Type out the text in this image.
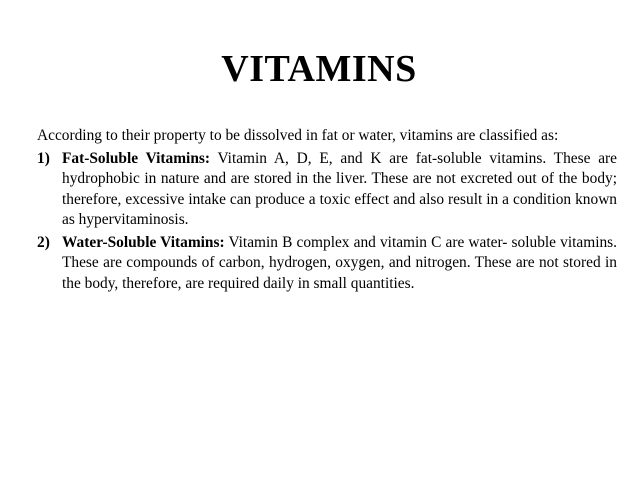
VITAMINS

According to their property to be dissolved in fat or water, vitamins are classified as:

1) Fat-Soluble Vitamins: Vitamin A, D, E, and K are fat-soluble vitamins. These are hydrophobic in nature and are stored in the liver. These are not excreted out of the body; therefore, excessive intake can produce a toxic effect and also result in a condition known as hypervitaminosis.

2) Water-Soluble Vitamins: Vitamin B complex and vitamin C are water- soluble vitamins. These are compounds of carbon, hydrogen, oxygen, and nitrogen. These are not stored in the body, therefore, are required daily in small quantities.
